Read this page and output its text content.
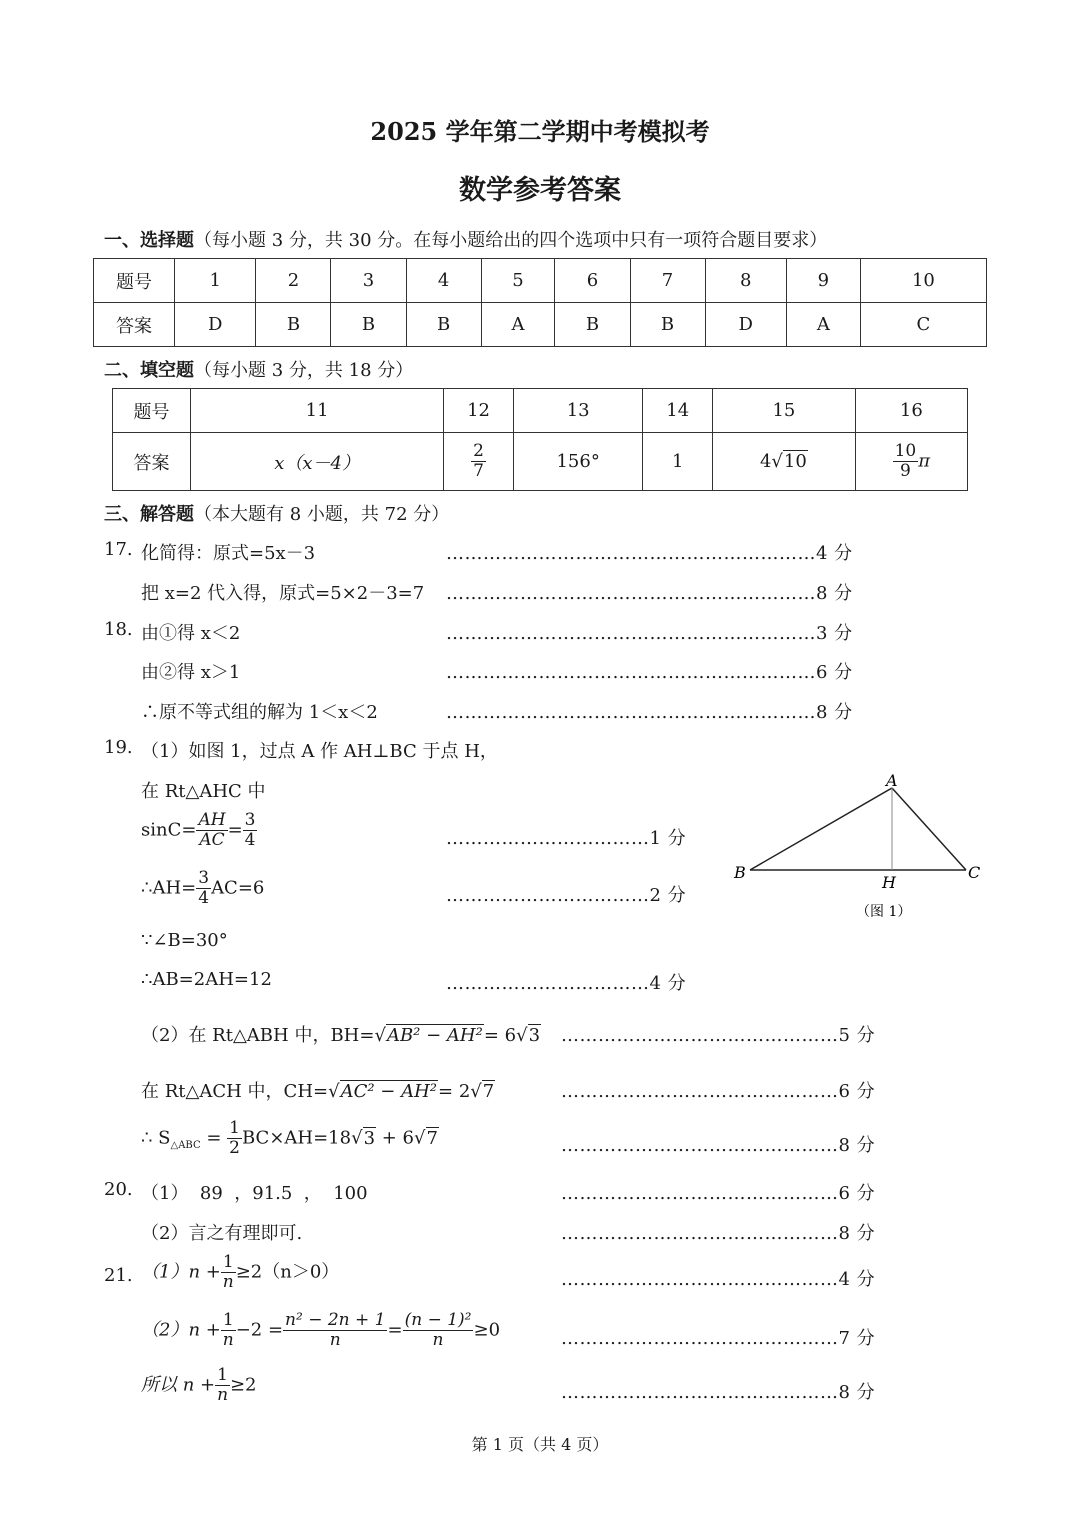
2025 学年第二学期中考模拟考
数学参考答案
一、选择题（每小题 3 分，共 30 分。在每小题给出的四个选项中只有一项符合题目要求）
题号	1	2	3	4	5	6	7	8	9	10
答案	D	B	B	B	A	B	B	D	A	C
二、填空题（每小题 3 分，共 18 分）
题号	11	12	13	14	15	16
答案	x（x－4）	$\frac{2}{7}$	156°	1	4√10	$\frac{10}{9}$ π
三、解答题（本大题有 8 小题，共 72 分）
17. 化简得：原式=5x－3	……………………………………………………4 分
把 x=2 代入得，原式=5×2－3=7 ……………………………………………………8 分
18. 由①得 x＜2	……………………………………………………3 分
由②得 x＞1	……………………………………………………6 分
∴原不等式组的解为 1＜x＜2	……………………………………………………8 分
19. （1）如图 1，过点 A 作 AH⊥BC 于点 H，
在 Rt△AHC 中
$\sin C= \frac{AH}{AC} = \frac{3}{4}$	……………………………1 分
∴AH= $\frac{3}{4} AC=6$	……………………………2 分
∵∠B=30°
∴AB=2AH=12	……………………………4 分
（2）在 Rt△ABH 中，BH=√AB² − AH²= 6√3 ………………………………………5 分
在 Rt△ACH 中，CH=√AC² − AH²= 2√7	………………………………………6 分
∴ $S_{\triangle ABC} = \frac{1}{2} BC\times AH=18√3 + 6√7$	………………………………………8 分
A
B	C
H
（图 1）
20. （1）  89  ，91.5  ，  100	………………………………………6 分
（2）言之有理即可.	………………………………………8 分
21. $(1)n + \frac{1}{n} \ge 2(n>0)$	………………………………………4 分
$(2)n + \frac{1}{n} -2 = \frac{\text{n² − 2n + 1}}{n} = \frac{\text{(n − 1)²}}{n} \ge 0$	………………………………………7 分
所以 $n + \frac{1}{n} \ge 2$	………………………………………8 分
第 1 页（共 4 页）
